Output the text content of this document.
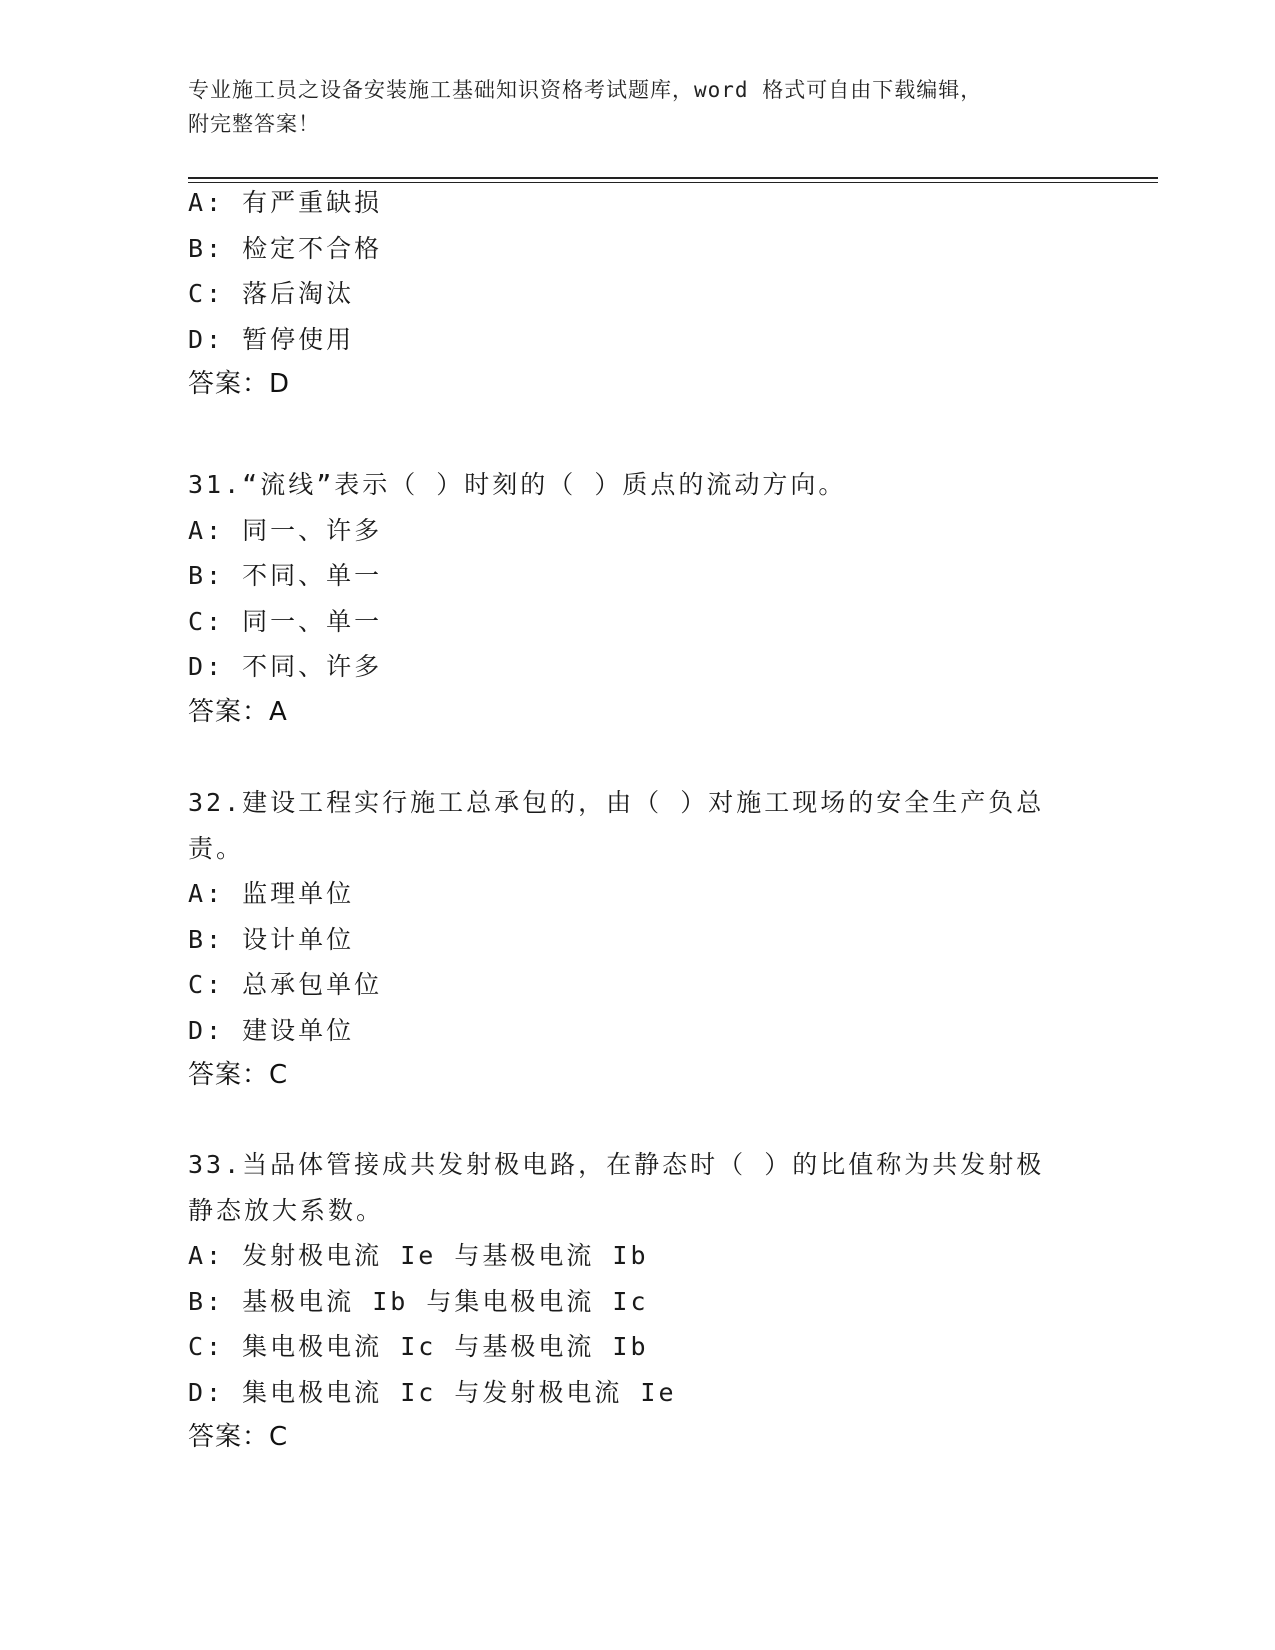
专业施工员之设备安装施工基础知识资格考试题库，word 格式可自由下载编辑，
附完整答案！
A: 有严重缺损
B: 检定不合格
C: 落后淘汰
D: 暂停使用
答案：D
31.“流线”表示（ ）时刻的（ ）质点的流动方向。
A: 同一、许多
B: 不同、单一
C: 同一、单一
D: 不同、许多
答案：A
32.建设工程实行施工总承包的，由（ ）对施工现场的安全生产负总
责。
A: 监理单位
B: 设计单位
C: 总承包单位
D: 建设单位
答案：C
33.当品体管接成共发射极电路，在静态时（ ）的比值称为共发射极
静态放大系数。
A: 发射极电流 Ie 与基极电流 Ib
B: 基极电流 Ib 与集电极电流 Ic
C: 集电极电流 Ic 与基极电流 Ib
D: 集电极电流 Ic 与发射极电流 Ie
答案：C
